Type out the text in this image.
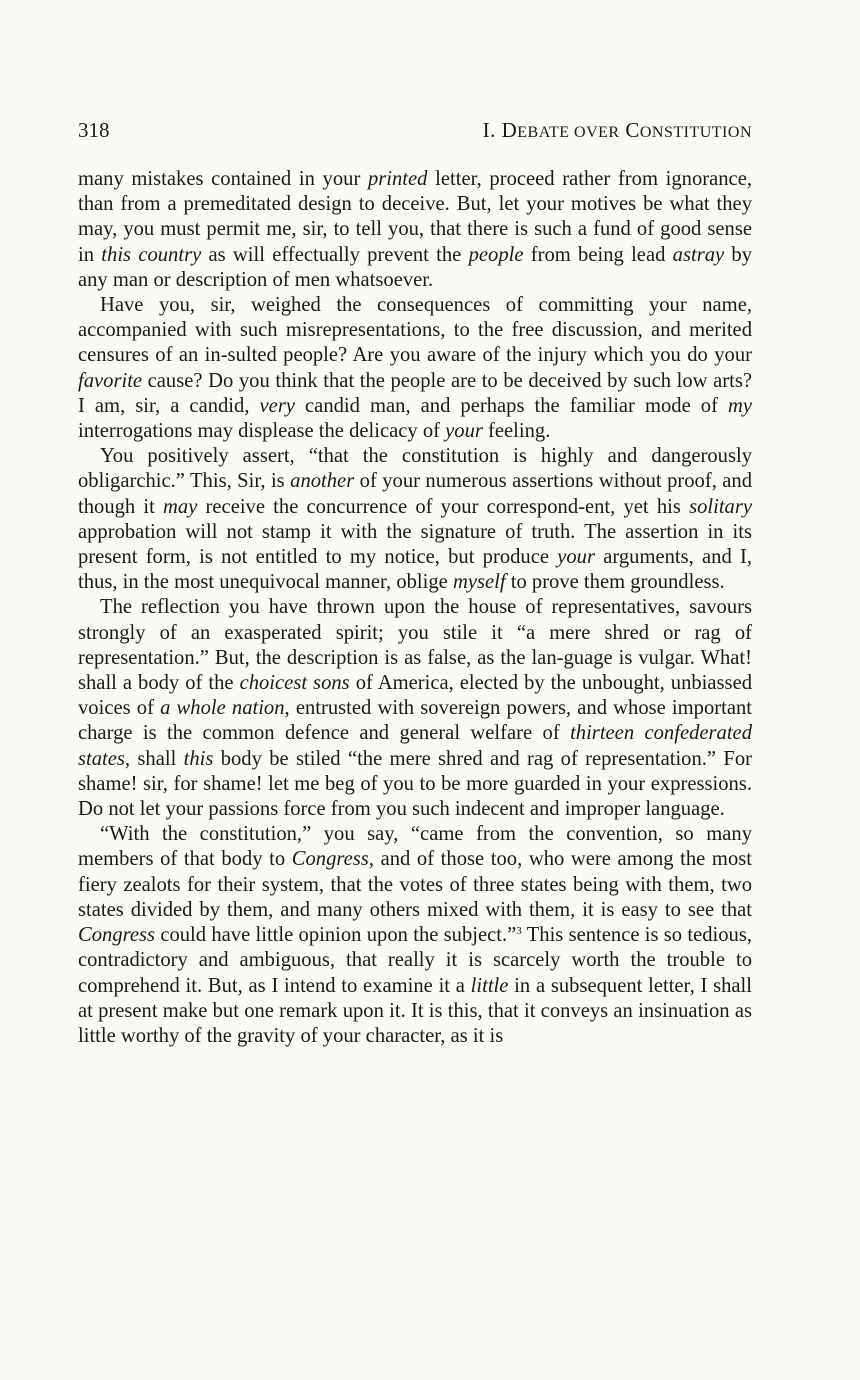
318	I. DEBATE OVER CONSTITUTION

many mistakes contained in your printed letter, proceed rather from ignorance, than from a premeditated design to deceive. But, let your motives be what they may, you must permit me, sir, to tell you, that there is such a fund of good sense in this country as will effectually prevent the people from being lead astray by any man or description of men whatsoever.

Have you, sir, weighed the consequences of committing your name, accompanied with such misrepresentations, to the free discussion, and merited censures of an in-sulted people? Are you aware of the injury which you do your favorite cause? Do you think that the people are to be deceived by such low arts? I am, sir, a candid, very candid man, and perhaps the familiar mode of my interrogations may displease the delicacy of your feeling.

You positively assert, “that the constitution is highly and dangerously obligarchic.” This, Sir, is another of your numerous assertions without proof, and though it may receive the concurrence of your correspond-ent, yet his solitary approbation will not stamp it with the signature of truth. The assertion in its present form, is not entitled to my notice, but produce your arguments, and I, thus, in the most unequivocal manner, oblige myself to prove them groundless.

The reflection you have thrown upon the house of representatives, savours strongly of an exasperated spirit; you stile it “a mere shred or rag of representation.” But, the description is as false, as the lan-guage is vulgar. What! shall a body of the choicest sons of America, elected by the unbought, unbiassed voices of a whole nation, entrusted with sovereign powers, and whose important charge is the common defence and general welfare of thirteen confederated states, shall this body be stiled “the mere shred and rag of representation.” For shame! sir, for shame! let me beg of you to be more guarded in your expressions. Do not let your passions force from you such indecent and improper language.

“With the constitution,” you say, “came from the convention, so many members of that body to Congress, and of those too, who were among the most fiery zealots for their system, that the votes of three states being with them, two states divided by them, and many others mixed with them, it is easy to see that Congress could have little opinion upon the subject.”$^3$ This sentence is so tedious, contradictory and ambiguous, that really it is scarcely worth the trouble to comprehend it. But, as I intend to examine it a little in a subsequent letter, I shall at present make but one remark upon it. It is this, that it conveys an insinuation as little worthy of the gravity of your character, as it is
